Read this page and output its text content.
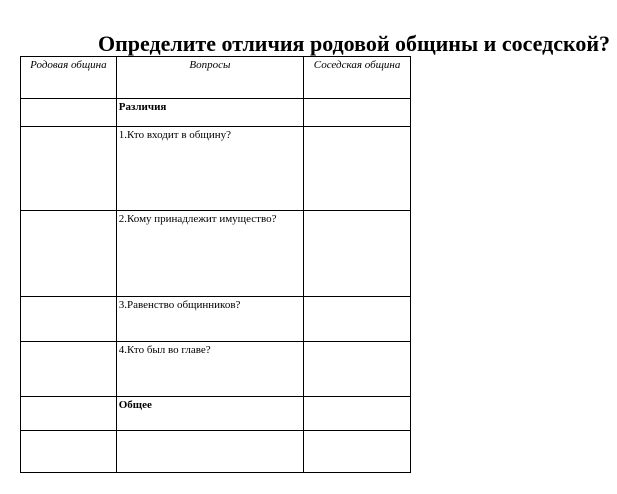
Определите отличия родовой общины и соседской?
Родовая община	Вопросы	Соседская община
	Различия	
	1.Кто входит в общину?	
	2.Кому принадлежит имущество?	
	3.Равенство общинников?	
	4.Кто был во главе?	
	Общее	
